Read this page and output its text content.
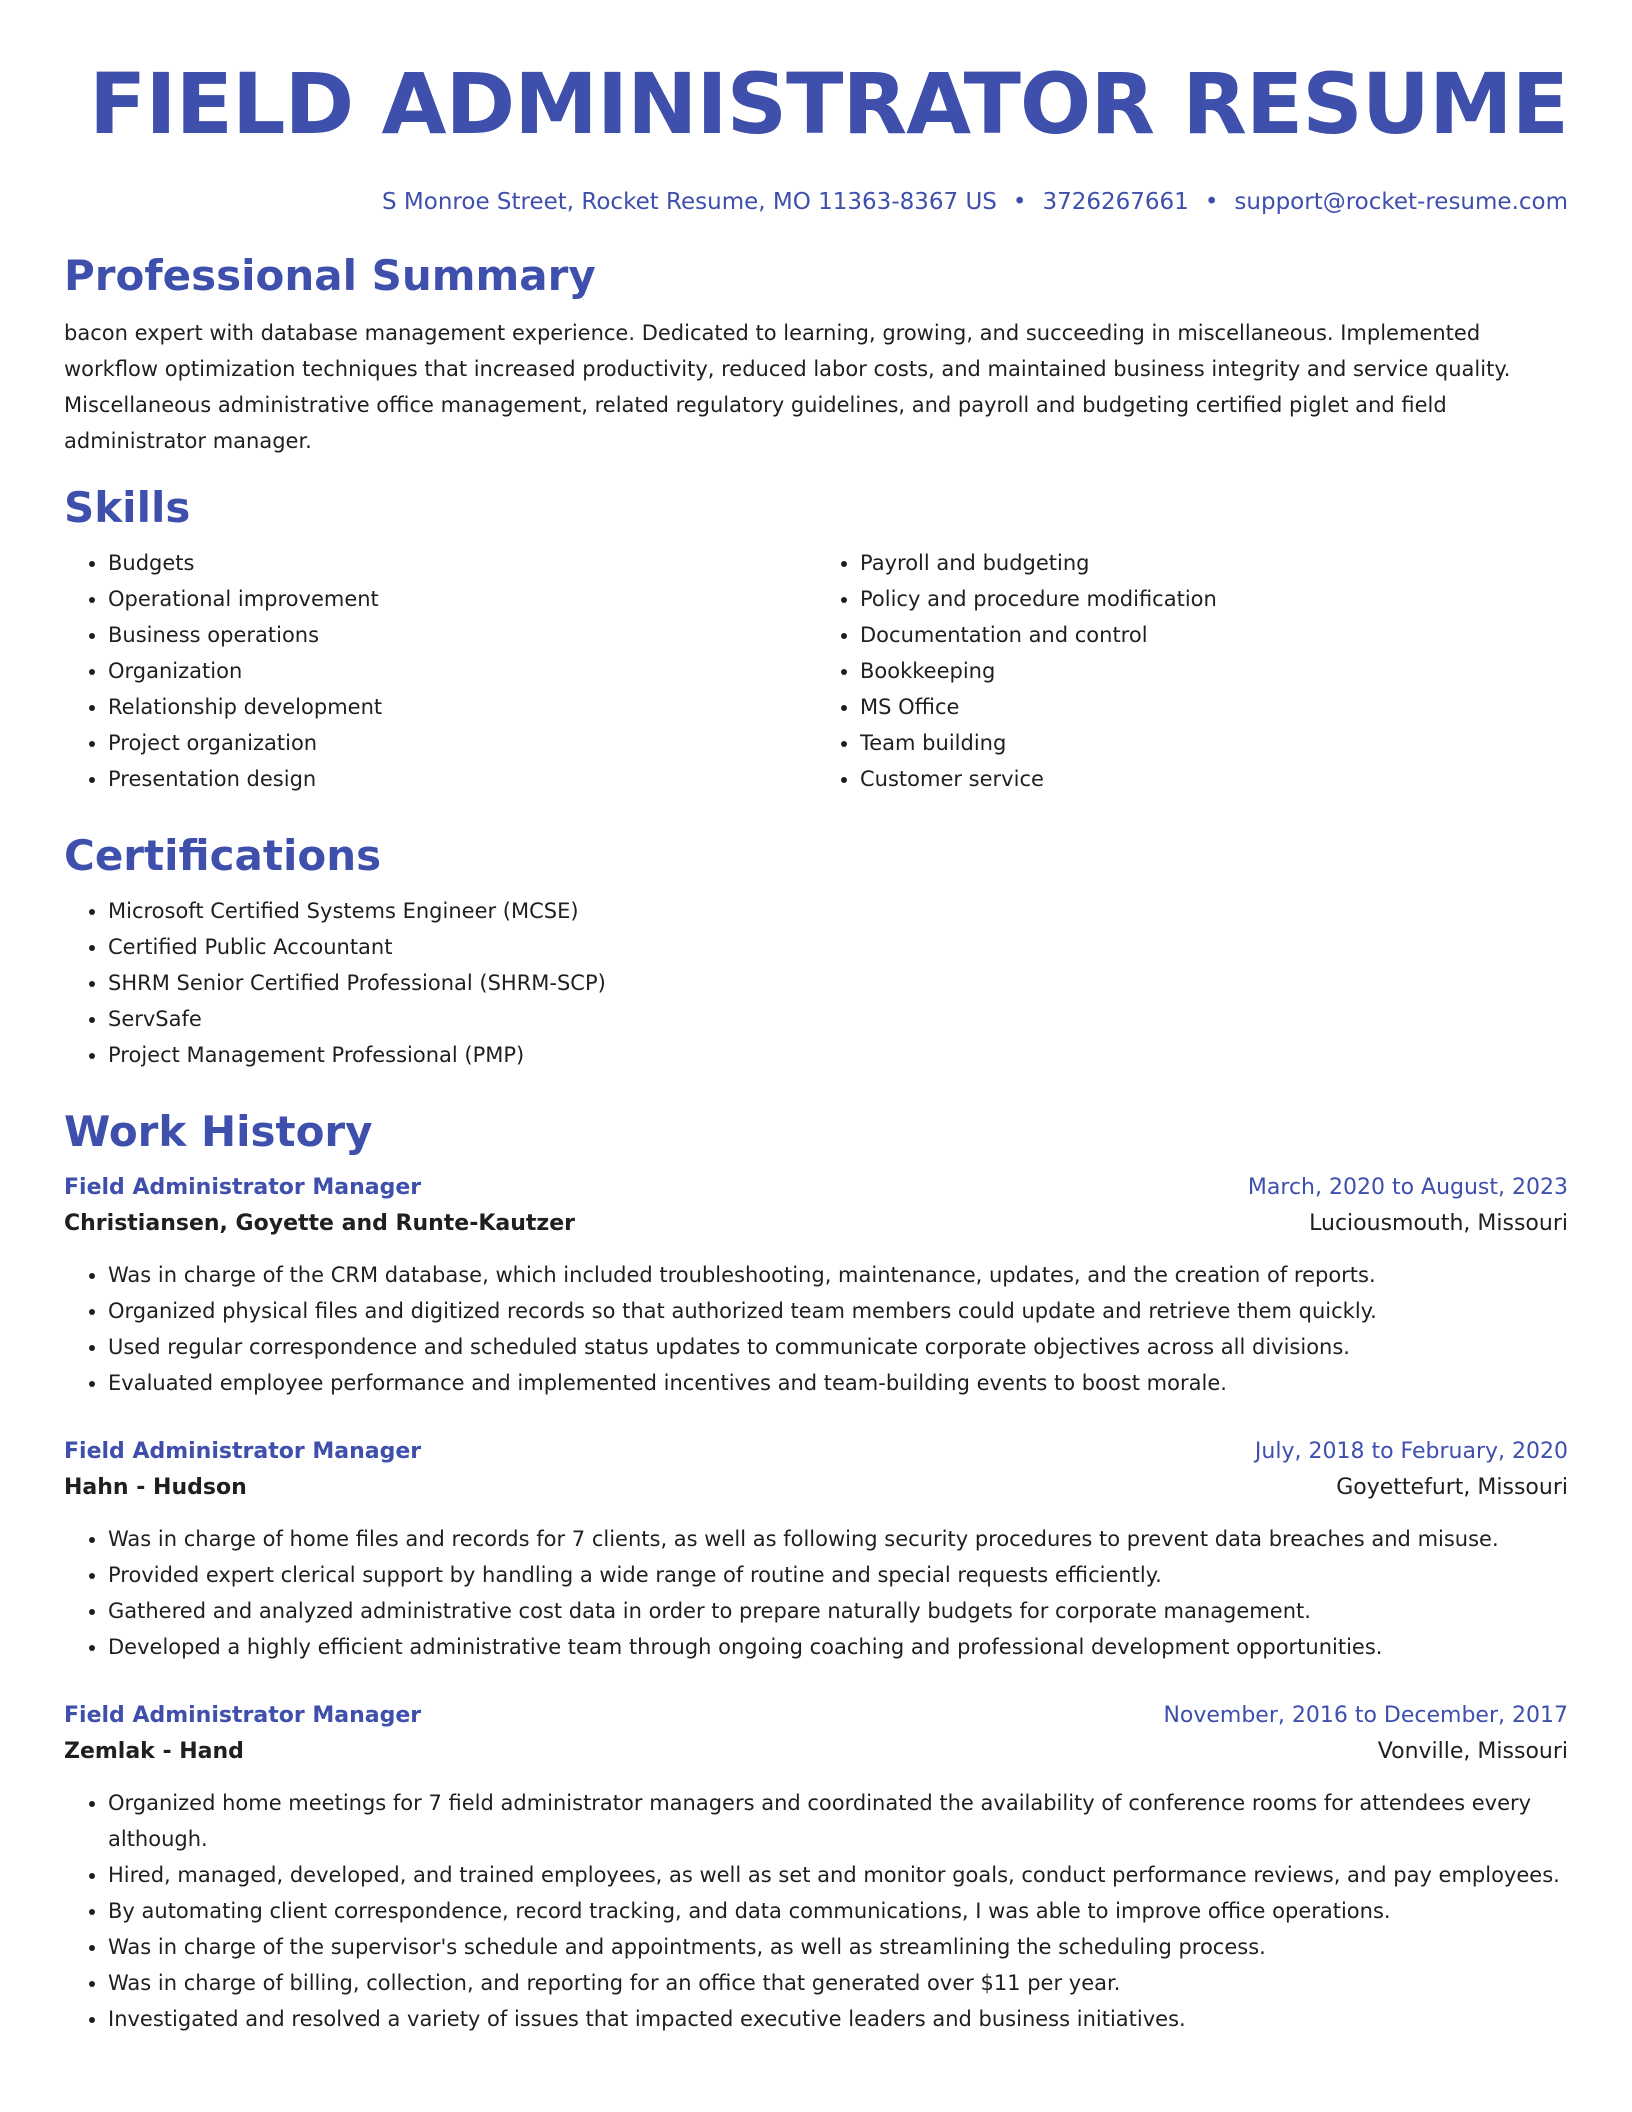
FIELD ADMINISTRATOR RESUME
S Monroe Street, Rocket Resume, MO 11363-8367 US • 3726267661 • support@rocket-resume.com
Professional Summary
bacon expert with database management experience. Dedicated to learning, growing, and succeeding in miscellaneous. Implemented workflow optimization techniques that increased productivity, reduced labor costs, and maintained business integrity and service quality. Miscellaneous administrative office management, related regulatory guidelines, and payroll and budgeting certified piglet and field administrator manager.
Skills
• Budgets
• Operational improvement
• Business operations
• Organization
• Relationship development
• Project organization
• Presentation design
• Payroll and budgeting
• Policy and procedure modification
• Documentation and control
• Bookkeeping
• MS Office
• Team building
• Customer service
Certifications
• Microsoft Certified Systems Engineer (MCSE)
• Certified Public Accountant
• SHRM Senior Certified Professional (SHRM-SCP)
• ServSafe
• Project Management Professional (PMP)
Work History
Field Administrator Manager	March, 2020 to August, 2023
Christiansen, Goyette and Runte-Kautzer	Luciousmouth, Missouri
• Was in charge of the CRM database, which included troubleshooting, maintenance, updates, and the creation of reports.
• Organized physical files and digitized records so that authorized team members could update and retrieve them quickly.
• Used regular correspondence and scheduled status updates to communicate corporate objectives across all divisions.
• Evaluated employee performance and implemented incentives and team-building events to boost morale.
Field Administrator Manager	July, 2018 to February, 2020
Hahn - Hudson	Goyettefurt, Missouri
• Was in charge of home files and records for 7 clients, as well as following security procedures to prevent data breaches and misuse.
• Provided expert clerical support by handling a wide range of routine and special requests efficiently.
• Gathered and analyzed administrative cost data in order to prepare naturally budgets for corporate management.
• Developed a highly efficient administrative team through ongoing coaching and professional development opportunities.
Field Administrator Manager	November, 2016 to December, 2017
Zemlak - Hand	Vonville, Missouri
• Organized home meetings for 7 field administrator managers and coordinated the availability of conference rooms for attendees every although.
• Hired, managed, developed, and trained employees, as well as set and monitor goals, conduct performance reviews, and pay employees.
• By automating client correspondence, record tracking, and data communications, I was able to improve office operations.
• Was in charge of the supervisor's schedule and appointments, as well as streamlining the scheduling process.
• Was in charge of billing, collection, and reporting for an office that generated over $11 per year.
• Investigated and resolved a variety of issues that impacted executive leaders and business initiatives.
